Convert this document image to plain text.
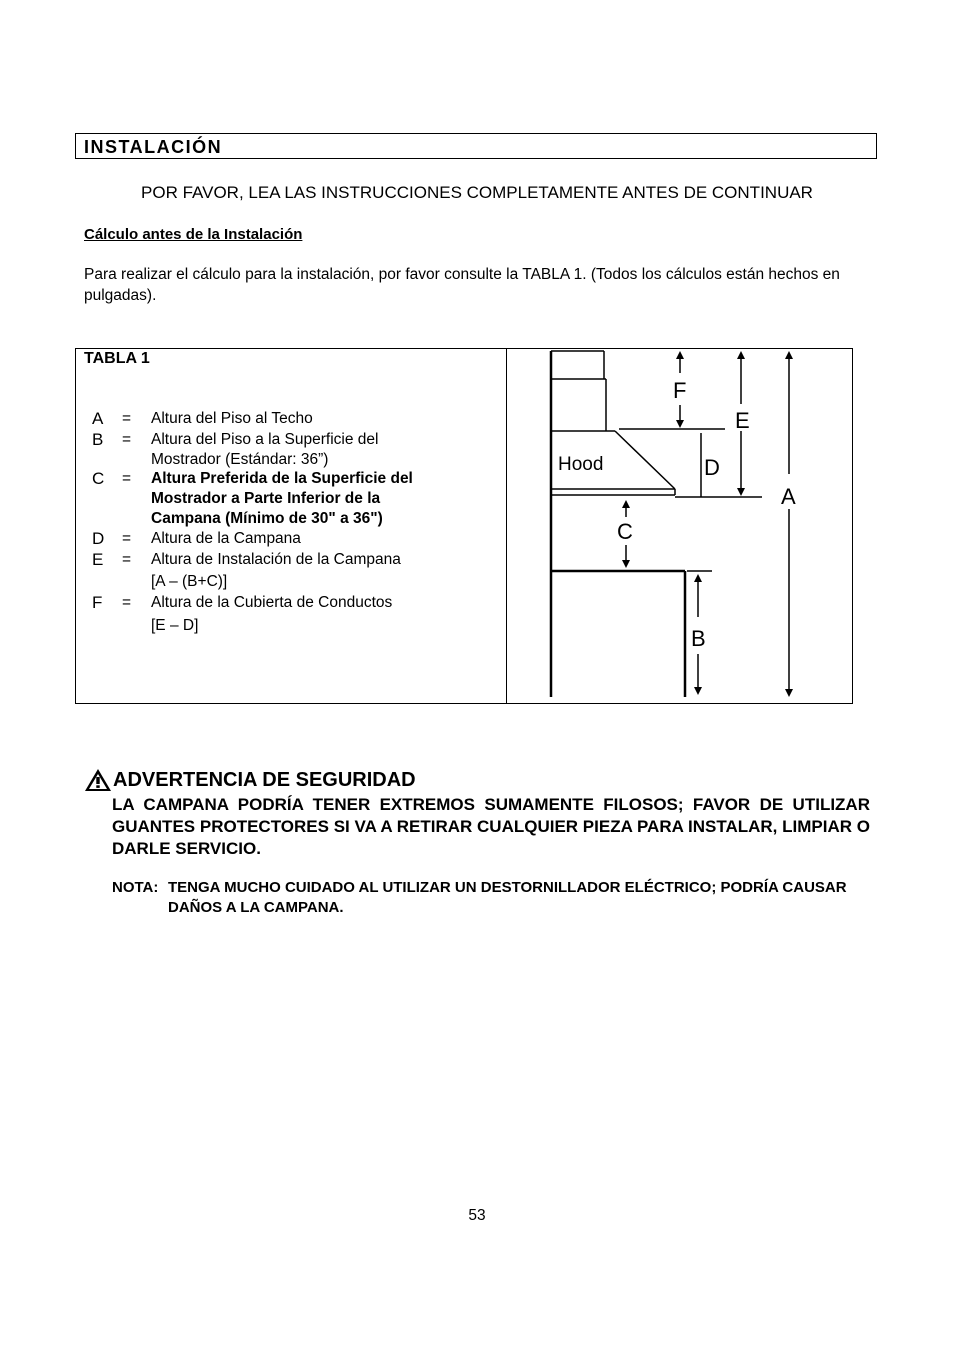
INSTALACIÓN
POR FAVOR, LEA LAS INSTRUCCIONES COMPLETAMENTE ANTES DE CONTINUAR
Cálculo antes de la Instalación
Para realizar el cálculo para la instalación, por favor consulte la TABLA 1. (Todos los cálculos están hechos en pulgadas).
TABLA 1
A = Altura del Piso al Techo
B = Altura del Piso a la Superficie del Mostrador (Estándar: 36”)
C = Altura Preferida de la Superficie del Mostrador a Parte Inferior de la Campana (Mínimo de 30" a 36")
D = Altura de la Campana
E = Altura de Instalación de la Campana
[A – (B+C)]
F = Altura de la Cubierta de Conductos
[E – D]
F
E
D
A
C
B
Hood
ADVERTENCIA DE SEGURIDAD
LA CAMPANA PODRÍA TENER EXTREMOS SUMAMENTE FILOSOS; FAVOR DE UTILIZAR GUANTES PROTECTORES SI VA A RETIRAR CUALQUIER PIEZA PARA INSTALAR, LIMPIAR O DARLE SERVICIO.
NOTA: TENGA MUCHO CUIDADO AL UTILIZAR UN DESTORNILLADOR ELÉCTRICO; PODRÍA CAUSAR DAÑOS A LA CAMPANA.
53
